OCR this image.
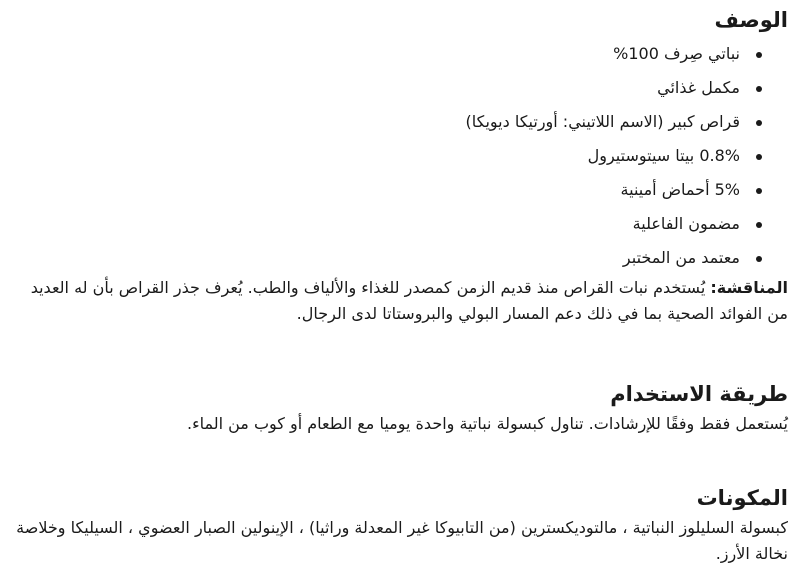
الوصف
نباتي صِرف 100%
مكمل غذائي
قراص كبير (الاسم اللاتيني: أورتيكا ديويكا)
0.8% بيتا سيتوستيرول
5% أحماض أمينية
مضمون الفاعلية
معتمد من المختبر

المناقشة: يُستخدم نبات القراص منذ قديم الزمن كمصدر للغذاء والألياف والطب. يُعرف جذر القراص بأن له العديد من الفوائد الصحية بما في ذلك دعم المسار البولي والبروستاتا لدى الرجال.

طريقة الاستخدام

يُستعمل فقط وفقًا للإرشادات. تناول كبسولة نباتية واحدة يوميا مع الطعام أو كوب من الماء.

المكونات

كبسولة السليلوز النباتية ، مالتوديكسترين (من التابيوكا غير المعدلة وراثيا) ، الإينولين الصبار العضوي ، السيليكا وخلاصة نخالة الأرز.
